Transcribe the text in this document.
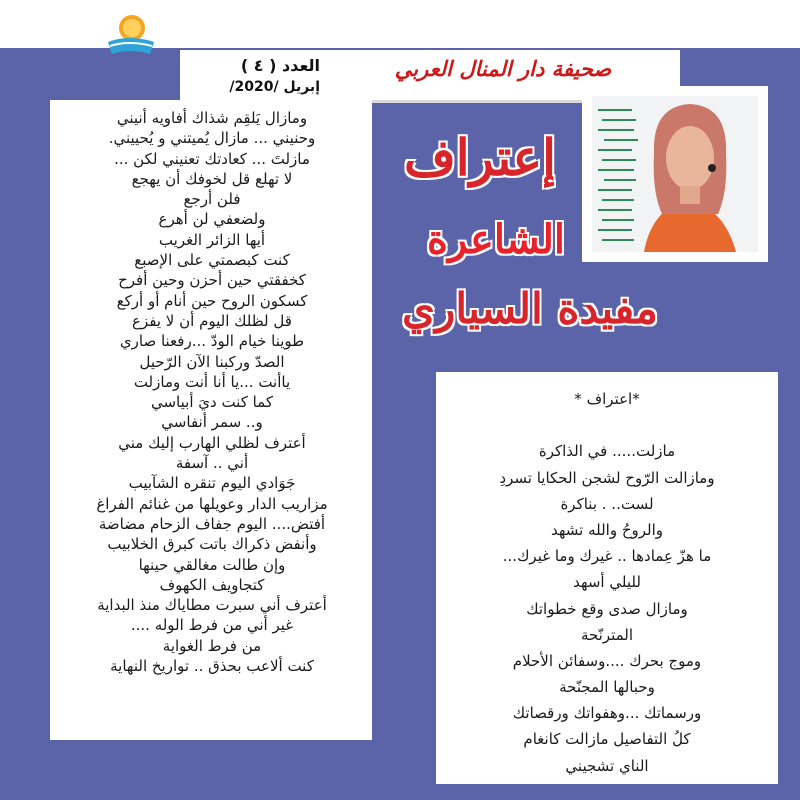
صحيفة دار المنال العربي
العدد ( ٤ )
إبريل /2020/
إعتراف
الشاعرة
مفيدة السياري
ومازال يَلقِم شذاك أفاويه أنيني
وحنيني ... مازال يُميتني و يُحييني.
مازلتَ ... كعادتك تعنيني لكن ...
لا تهلع قل لخوفك أن يهجع
فلن أرجع
ولضعفي لن أهرع
أيها الزائر الغريب
كنت كبصمتي على الإصبع
كخفقتي حين أحزن وحين أفرح
كسكون الروح حين أنام أو أركع
قل لظلك اليوم أن لا يفزع
طوينا خيام الودّ ...رفعنا صاري
الصدّ وركبنا الآن الرّحيل
ياأنت ...يا أنا أنت ومازلت
كما كنت ديَ أبياسي
و.. سمر أنفاسي
أعترف لظلي الهارب إليك مني
أني .. آسفة
جَوَادي اليوم تنقره الشآبيب
مزاريب الدار وعويلها من غنائم الفراغ
أفتض.... اليوم جفاف الزحام مضاضة
وأنفض ذكراك باتت كبرق الخلابيب
وإن طالت مغالقي حينها
كتجاويف الكهوف
أعترف أني سبرت مطاياك منذ البداية
غير أني من فرط الوله ....
من فرط الغواية
كنت ألاعب بحذق .. تواريخ النهاية
*اعتراف *
مازلت..... في الذاكرة
ومازالت الرّوح لشجن الحكايا تسردِ
لست.. . بناكرة
والروحُ والله تشهد
ما هزّ عِمادها .. غيرك وما غيرك...
لليلي أسهد
ومازال صدى وقع خطواتك
المترنّحة
وموج بحرك ....وسفائن الأحلام
وحبالها المجنّحة
ورسماتك ...وهفواتك ورقصاتك
كلُ التفاصيل مازالت كانغام
الناي تشجيني
